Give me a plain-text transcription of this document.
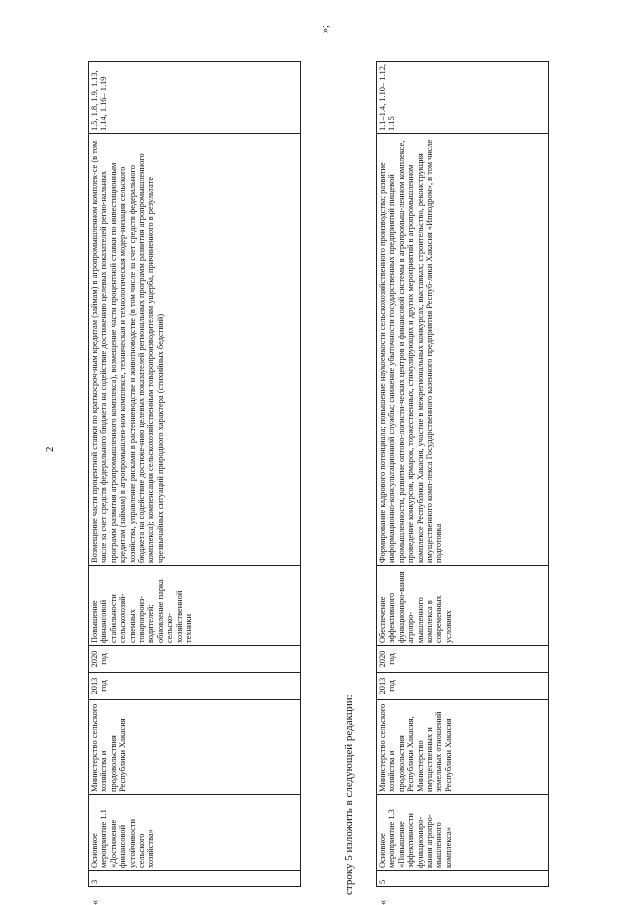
2
«
3	Основное мероприятие 1.1 «Достижение финансовой устойчивости сельского хозяйства»	Министерство сельского хозяйства и продовольствия Республики Хакасия	2013 год	2020 год	Повышение финансовой стабильности сельскохозяй-ственных товаропроиз-водителей; обновление парка сельско-хозяйственной техники	Возмещение части процентной ставки по краткосроч-ным кредитам (займам) в агропромышленном комплек-се (в том числе за счет средств федерального бюджета на содействие достижению целевых показателей регио-нальных программ развития агропромышленного комплекса), возмещение части процентной ставки по инвестиционным кредитам (займам) в агропромышлен-ном комплексе, техническая и технологическая модер-низация сельского хозяйства, управление рисками в растениеводстве и животноводстве (в том числе за счет средств федерального бюджета на содействие достиже-нию целевых показателей региональных программ развития агропромышленного комплекса); компенсация сельскохозяйственным товаропроизводителям ущерба, причиненного в результате чрезвычайных ситуаций природного характера (стихийных бедствий)	1.5, 1.8, 1.9, 1.13, 1.14, 1.16– 1.19
»;
строку 5 изложить в следующей редакции:
«
5	Основное мероприятие 1.3 «Повышение эффективности функциониро-вания агропро-мышленного комплекса»	Министерство сельского хозяйства и продовольствия Республики Хакасия, Министерство имущественных и земельных отношений Республики Хакасия	2013 год	2020 год	Обеспечение эффективного функциониро-вания агропро-мышленного комплекса в современных условиях	Формирование кадрового потенциала; повышение наукоемкости сельскохозяйственного производства; развитие информационно-консультационной службы; снижение убыточности государственных предприятий пищевой промышленности, развитие оптово-логисти-ческих центров и финансовой системы в агропромыш-ленном комплексе, проведение конкурсов, ярмарок, торжественных, стимулирующих и других мероприятий в агропромышленном комплексе Республики Хакасия, участие в межрегиональных конкурсах, выставках; строительство, реконструкция имущественного комп-лекса Государственного казенного предприятия Респуб-лики Хакасия «Ипподром», в том числе подготовка	1.1–1.4, 1.10– 1.12, 1.15
